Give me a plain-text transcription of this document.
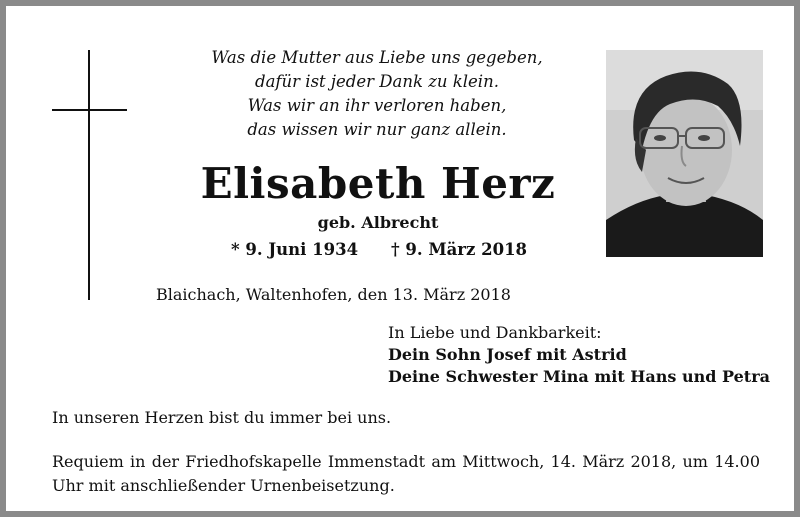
Was die Mutter aus Liebe uns gegeben,
dafür ist jeder Dank zu klein.
Was wir an ihr verloren haben,
das wissen wir nur ganz allein.
Elisabeth Herz
geb. Albrecht
* 9. Juni 1934 † 9. März 2018
Blaichach, Waltenhofen, den 13. März 2018
In Liebe und Dankbarkeit:
Dein Sohn Josef mit Astrid
Deine Schwester Mina mit Hans und Petra
In unseren Herzen bist du immer bei uns.
Requiem in der Friedhofskapelle Immenstadt am Mittwoch, 14. März 2018, um 14.00 Uhr mit anschließender Urnenbeisetzung.
